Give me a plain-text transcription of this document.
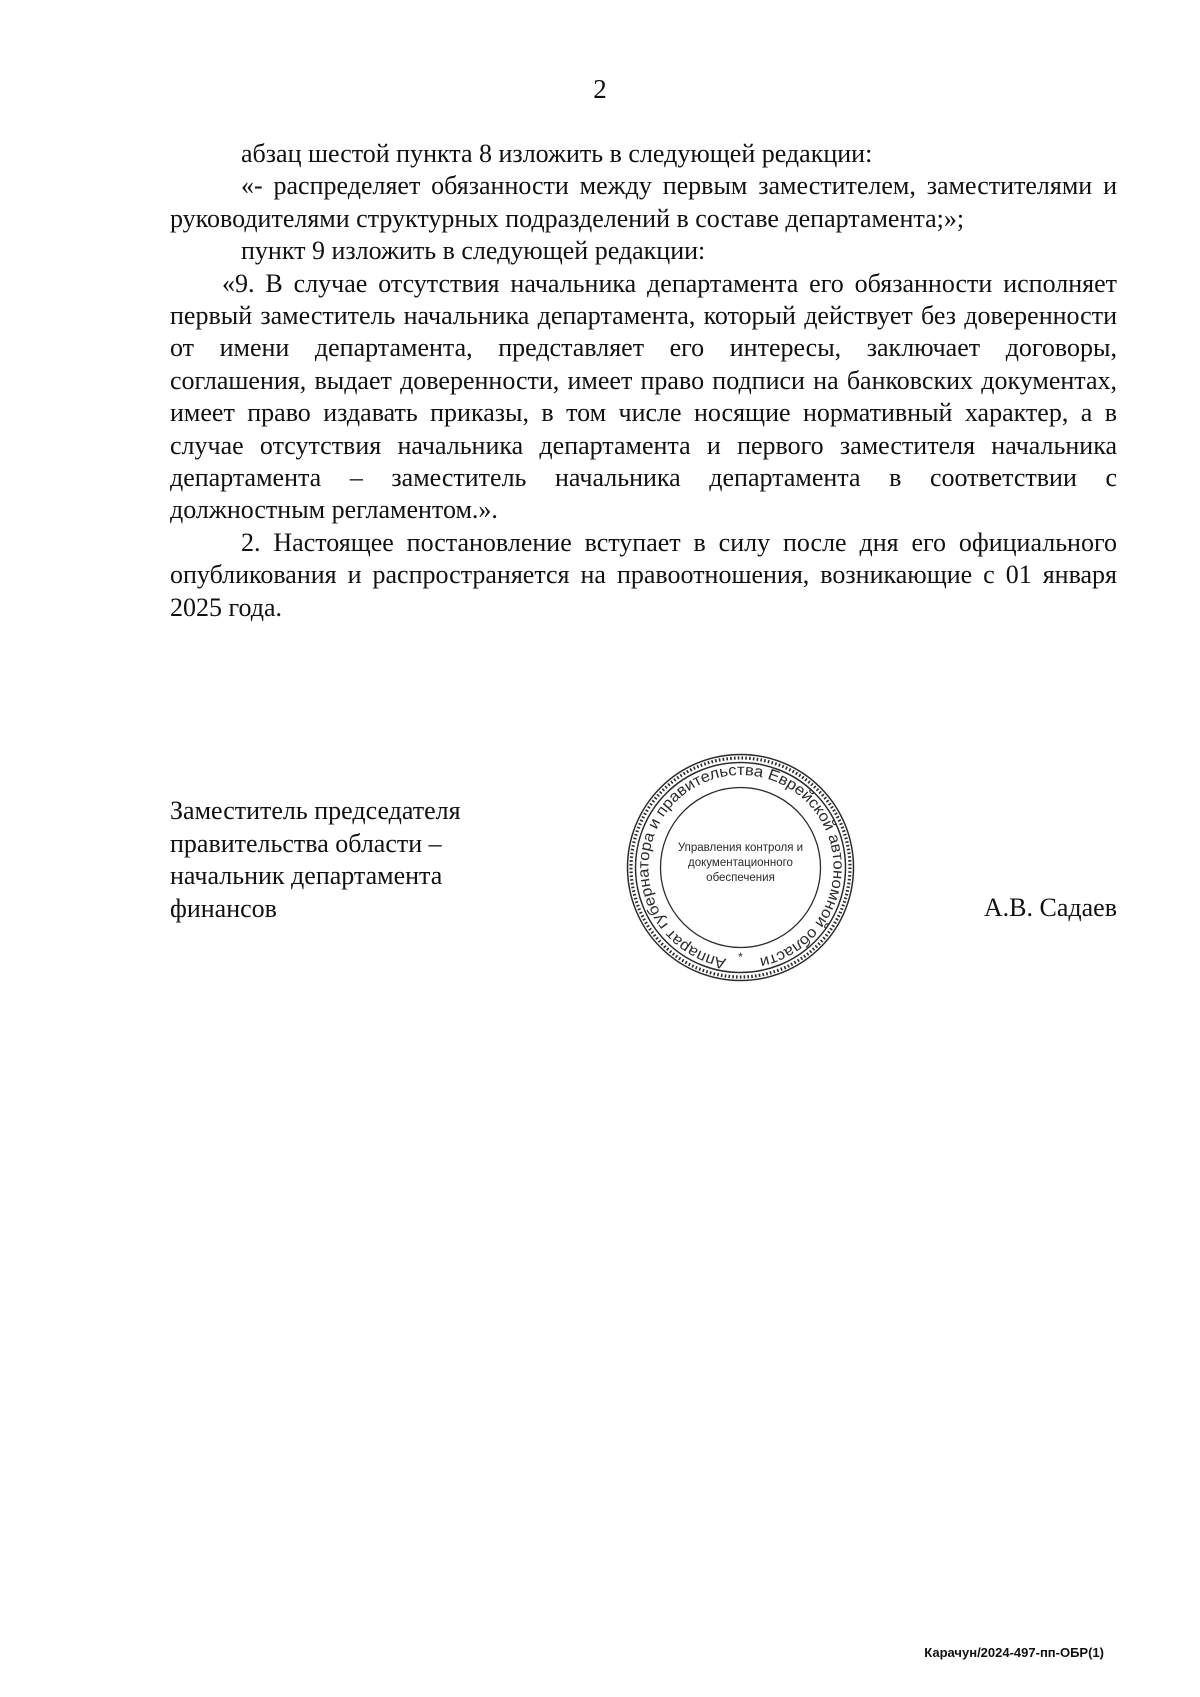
2

абзац шестой пункта 8 изложить в следующей редакции:

«- распределяет обязанности между первым заместителем, заместителями и руководителями структурных подразделений в составе департамента;»;

пункт 9 изложить в следующей редакции:

«9. В случае отсутствия начальника департамента его обязанности исполняет первый заместитель начальника департамента, который действует без доверенности от имени департамента, представляет его интересы, заключает договоры, соглашения, выдает доверенности, имеет право подписи на банковских документах, имеет право издавать приказы, в том числе носящие нормативный характер, а в случае отсутствия начальника департамента и первого заместителя начальника департамента – заместитель начальника департамента в соответствии с должностным регламентом.».

2. Настоящее постановление вступает в силу после дня его официального опубликования и распространяется на правоотношения, возникающие с 01 января 2025 года.

Заместитель председателя
правительства области –
начальник департамента
финансов
Аппарат губернатора и правительства Еврейской автономной области
Управления контроля и
документационного
обеспечения
*
А.В. Садаев
Карачун/2024-497-пп-ОБР(1)
